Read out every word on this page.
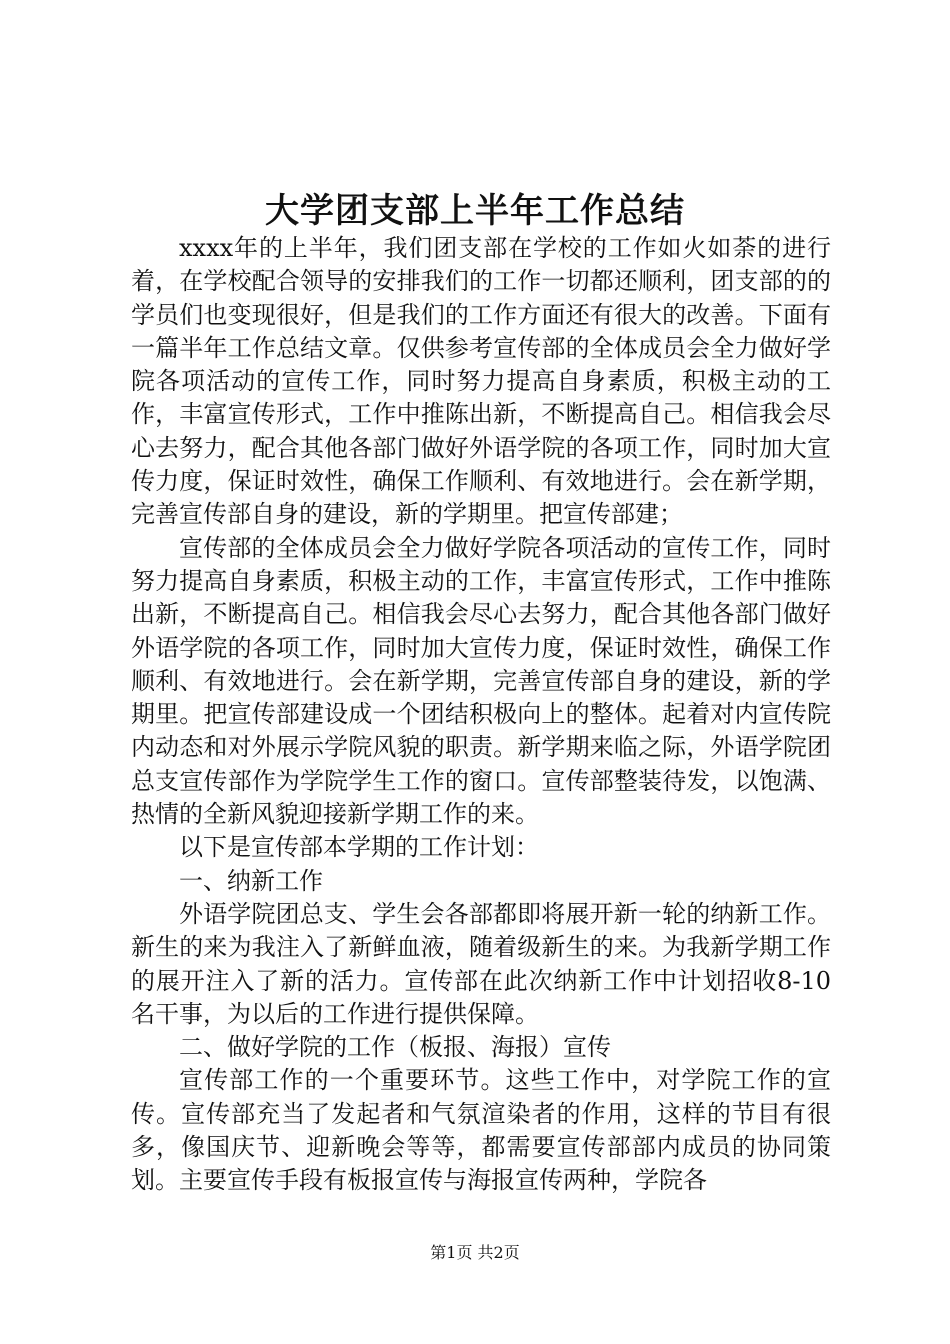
大学团支部上半年工作总结

xxxx年的上半年，我们团支部在学校的工作如火如荼的进行着，在学校配合领导的安排我们的工作一切都还顺利，团支部的的学员们也变现很好，但是我们的工作方面还有很大的改善。下面有一篇半年工作总结文章。仅供参考宣传部的全体成员会全力做好学院各项活动的宣传工作，同时努力提高自身素质，积极主动的工作，丰富宣传形式，工作中推陈出新，不断提高自己。相信我会尽心去努力，配合其他各部门做好外语学院的各项工作，同时加大宣传力度，保证时效性，确保工作顺利、有效地进行。会在新学期，完善宣传部自身的建设，新的学期里。把宣传部建；

宣传部的全体成员会全力做好学院各项活动的宣传工作，同时努力提高自身素质，积极主动的工作，丰富宣传形式，工作中推陈出新，不断提高自己。相信我会尽心去努力，配合其他各部门做好外语学院的各项工作，同时加大宣传力度，保证时效性，确保工作顺利、有效地进行。会在新学期，完善宣传部自身的建设，新的学期里。把宣传部建设成一个团结积极向上的整体。起着对内宣传院内动态和对外展示学院风貌的职责。新学期来临之际，外语学院团总支宣传部作为学院学生工作的窗口。宣传部整装待发，以饱满、热情的全新风貌迎接新学期工作的来。

以下是宣传部本学期的工作计划：

一、纳新工作

外语学院团总支、学生会各部都即将展开新一轮的纳新工作。新生的来为我注入了新鲜血液，随着级新生的来。为我新学期工作的展开注入了新的活力。宣传部在此次纳新工作中计划招收8-10名干事，为以后的工作进行提供保障。

二、做好学院的工作（板报、海报）宣传

宣传部工作的一个重要环节。这些工作中，对学院工作的宣传。宣传部充当了发起者和气氛渲染者的作用，这样的节目有很多，像国庆节、迎新晚会等等，都需要宣传部部内成员的协同策划。主要宣传手段有板报宣传与海报宣传两种，学院各

第1页 共2页
